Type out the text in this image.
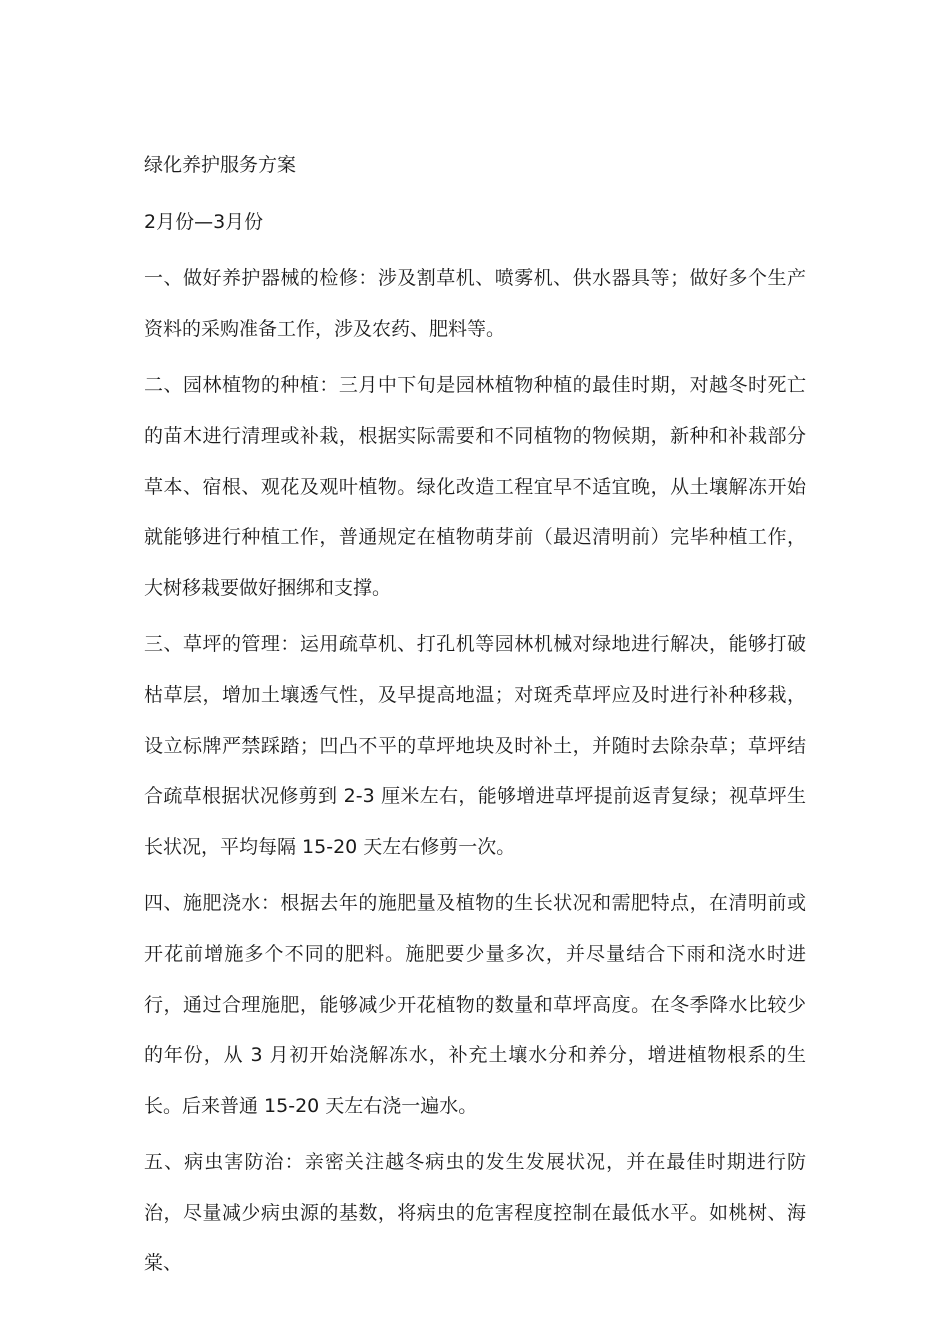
绿化养护服务方案

2月份—3月份

一、做好养护器械的检修：涉及割草机、喷雾机、供水器具等；做好多个生产资料的采购准备工作，涉及农药、肥料等。

二、园林植物的种植：三月中下旬是园林植物种植的最佳时期，对越冬时死亡的苗木进行清理或补栽，根据实际需要和不同植物的物候期，新种和补栽部分草本、宿根、观花及观叶植物。绿化改造工程宜早不适宜晚，从土壤解冻开始就能够进行种植工作，普通规定在植物萌芽前（最迟清明前）完毕种植工作，大树移栽要做好捆绑和支撑。

三、草坪的管理：运用疏草机、打孔机等园林机械对绿地进行解决，能够打破枯草层，增加土壤透气性，及早提高地温；对斑秃草坪应及时进行补种移栽，设立标牌严禁踩踏；凹凸不平的草坪地块及时补土，并随时去除杂草；草坪结合疏草根据状况修剪到 2-3 厘米左右，能够增进草坪提前返青复绿；视草坪生长状况，平均每隔 15-20 天左右修剪一次。

四、施肥浇水：根据去年的施肥量及植物的生长状况和需肥特点，在清明前或开花前增施多个不同的肥料。施肥要少量多次，并尽量结合下雨和浇水时进行，通过合理施肥，能够减少开花植物的数量和草坪高度。在冬季降水比较少的年份，从 3 月初开始浇解冻水，补充土壤水分和养分，增进植物根系的生长。后来普通 15-20 天左右浇一遍水。

五、病虫害防治：亲密关注越冬病虫的发生发展状况，并在最佳时期进行防治，尽量减少病虫源的基数，将病虫的危害程度控制在最低水平。如桃树、海棠、
